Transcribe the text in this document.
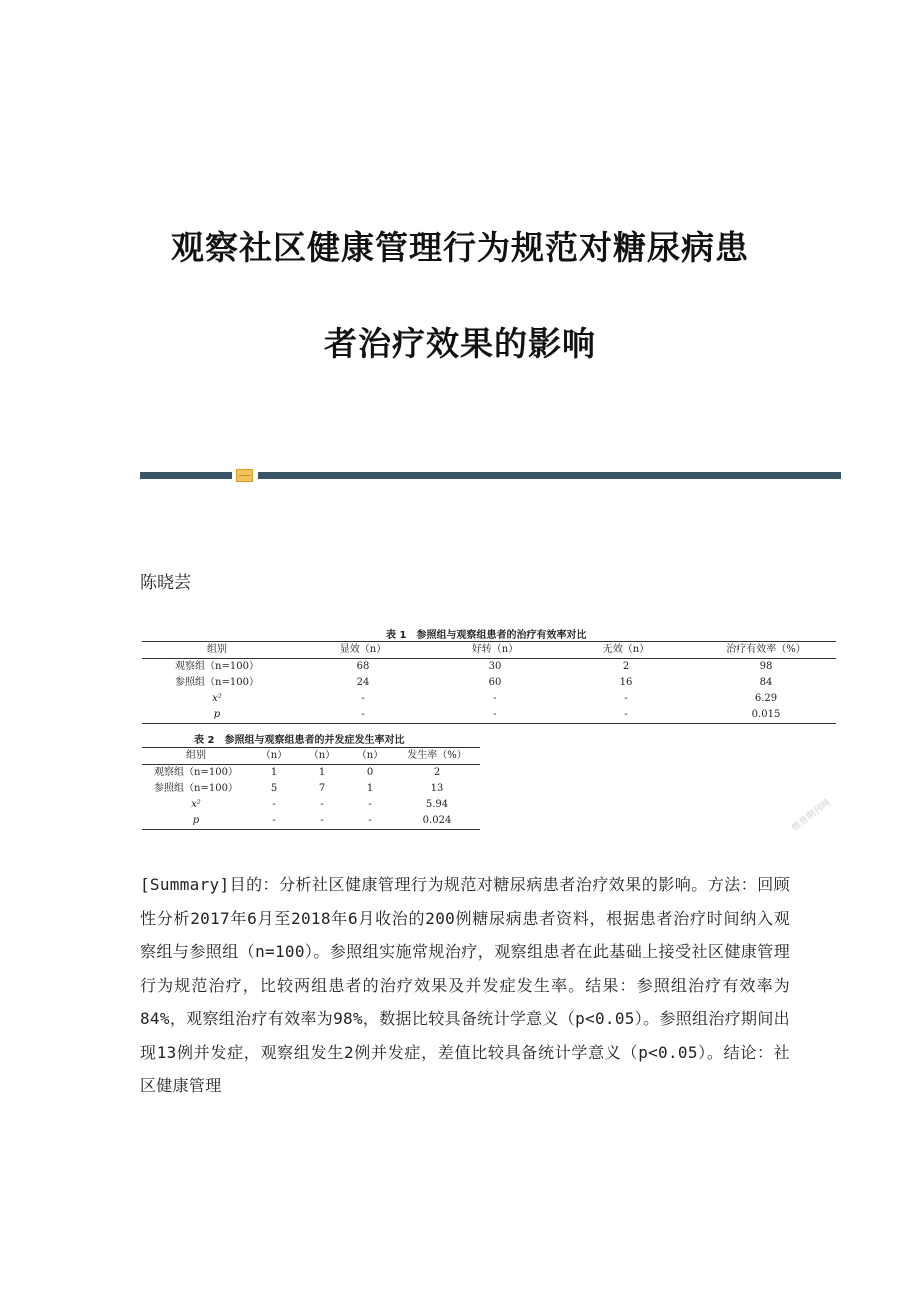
观察社区健康管理行为规范对糖尿病患
者治疗效果的影响
陈晓芸
表 1　参照组与观察组患者的治疗有效率对比
组别	显效（n）	好转（n）	无效（n）	治疗有效率（%）
观察组（n=100）	68	30	2	98
参照组（n=100）	24	60	16	84
x²	-	-	-	6.29
p	-	-	-	0.015
表 2　参照组与观察组患者的并发症发生率对比
组别	（n）	（n）	（n）	发生率（%）
观察组（n=100）	1	1	0	2
参照组（n=100）	5	7	1	13
x²	-	-	-	5.94
p	-	-	-	0.024	维普期刊网
[Summary]目的：分析社区健康管理行为规范对糖尿病患者治疗效果的影响。方法：回顾性分析2017年6月至2018年6月收治的200例糖尿病患者资料，根据患者治疗时间纳入观察组与参照组（n=100）。参照组实施常规治疗，观察组患者在此基础上接受社区健康管理行为规范治疗，比较两组患者的治疗效果及并发症发生率。结果：参照组治疗有效率为84%，观察组治疗有效率为98%，数据比较具备统计学意义（p<0.05）。参照组治疗期间出现13例并发症，观察组发生2例并发症，差值比较具备统计学意义（p<0.05）。结论：社区健康管理
